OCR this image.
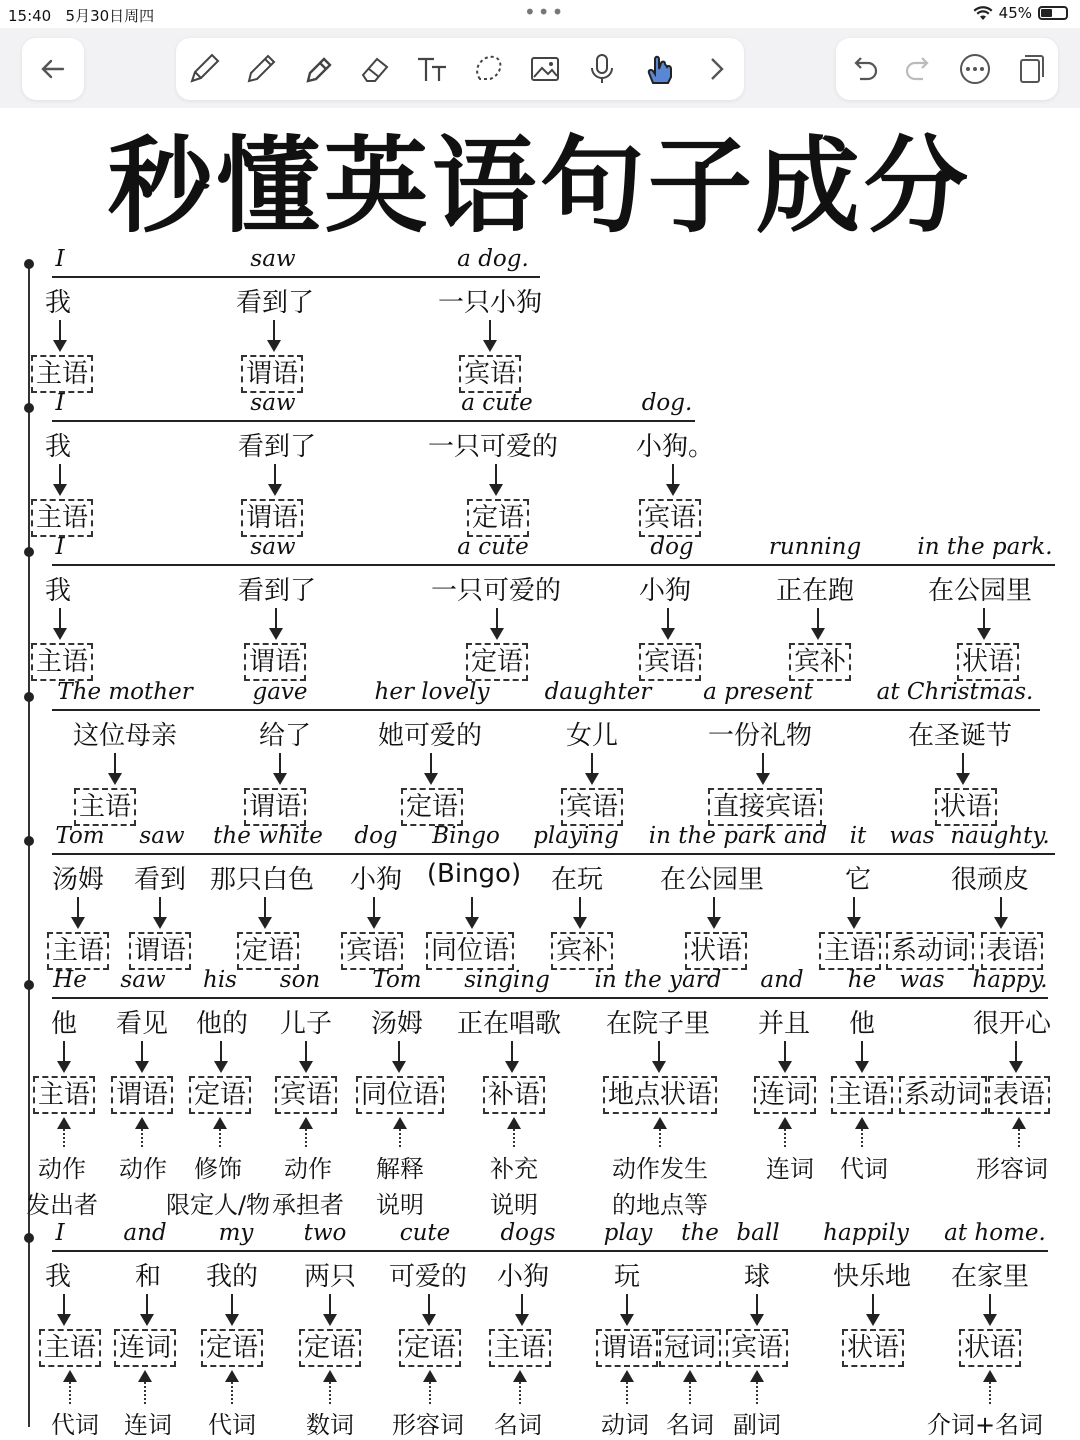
15:40 5月30日周四	•••	45%
秒懂英语句子成分
I
我
主语
saw
看到了
谓语
a dog.
一只小狗
宾语
I
我
主语
saw
看到了
谓语
a cute
一只可爱的
定语
dog.
小狗。
宾语
I
我
主语
saw
看到了
谓语
a cute
一只可爱的
定语
dog
小狗
宾语
running
正在跑
宾补
in the park.
在公园里
状语
The mother
这位母亲
主语
gave
给了
谓语
her lovely
她可爱的
定语
daughter
女儿
宾语
a present
一份礼物
直接宾语
at Christmas.
在圣诞节
状语
Tom
汤姆
主语
saw
看到
谓语
the white
那只白色
定语
dog
小狗
宾语
Bingo
(Bingo)
同位语
playing
在玩
宾补
in the park and
在公园里
状语
it
它
主语
was
系动词
naughty.
很顽皮
表语
He
他
主语
动作
发出者
saw
看见
谓语
动作
his
他的
定语
修饰
限定人/物
son
儿子
宾语
动作
承担者
Tom
汤姆
同位语
解释
说明
singing
正在唱歌
补语
补充
说明
in the yard
在院子里
地点状语
动作发生
的地点等
and
并且
连词
连词
he
他
主语
代词
was
系动词
happy.
很开心
表语
形容词
I
我
主语
代词
and
和
连词
连词
my
我的
定语
代词
two
两只
定语
数词
cute
可爱的
定语
形容词
dogs
小狗
主语
名词
play
玩
谓语
动词
the
冠词
名词
ball
球
宾语
副词
happily
快乐地
状语
at home.
在家里
状语
介词+名词
